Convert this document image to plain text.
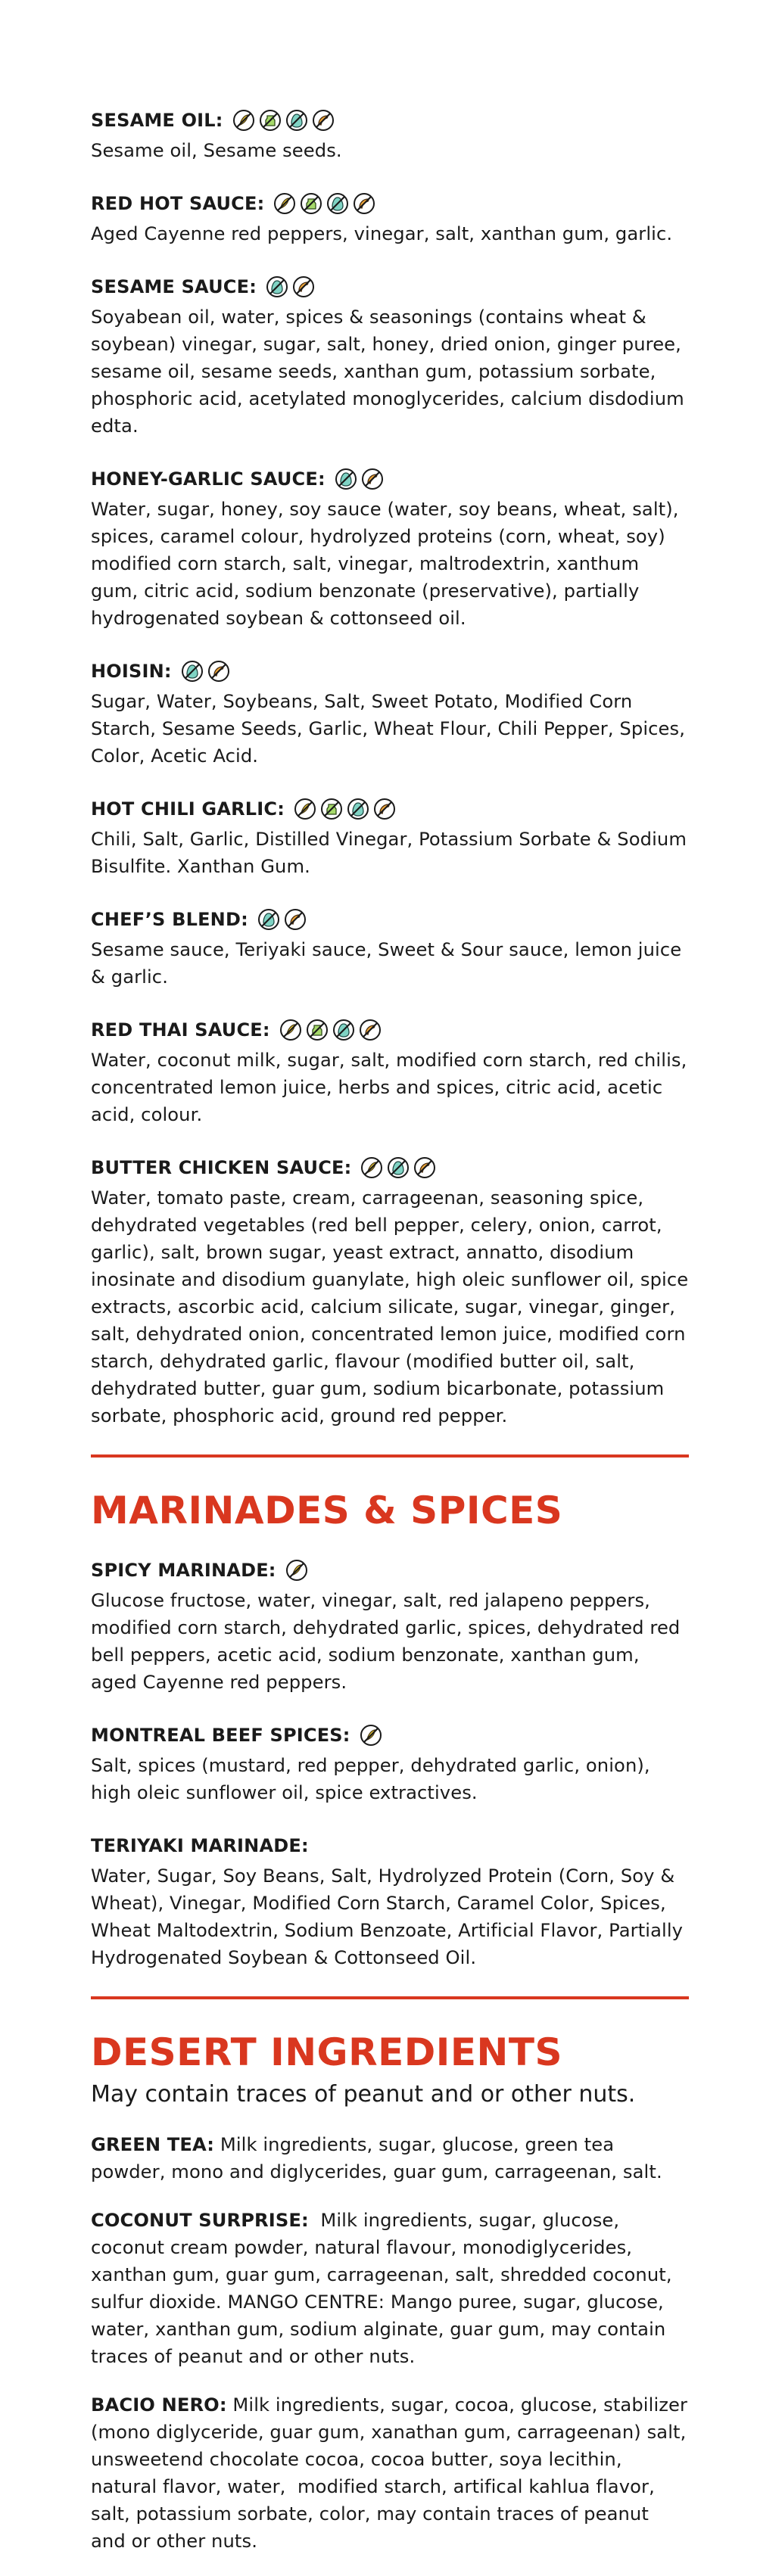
SESAME OIL:
Sesame oil, Sesame seeds.
RED HOT SAUCE:
Aged Cayenne red peppers, vinegar, salt, xanthan gum, garlic.
SESAME SAUCE:
Soyabean oil, water, spices & seasonings (contains wheat & soybean) vinegar, sugar, salt, honey, dried onion, ginger puree, sesame oil, sesame seeds, xanthan gum, potassium sorbate, phosphoric acid, acetylated monoglycerides, calcium disdodium edta.
HONEY-GARLIC SAUCE:
Water, sugar, honey, soy sauce (water, soy beans, wheat, salt), spices, caramel colour, hydrolyzed proteins (corn, wheat, soy) modified corn starch, salt, vinegar, maltrodextrin, xanthum gum, citric acid, sodium benzonate (preservative), partially hydrogenated soybean & cottonseed oil.
HOISIN:
Sugar, Water, Soybeans, Salt, Sweet Potato, Modified Corn Starch, Sesame Seeds, Garlic, Wheat Flour, Chili Pepper, Spices, Color, Acetic Acid.
HOT CHILI GARLIC:
Chili, Salt, Garlic, Distilled Vinegar, Potassium Sorbate & Sodium Bisulfite. Xanthan Gum.
CHEF’S BLEND:
Sesame sauce, Teriyaki sauce, Sweet & Sour sauce, lemon juice & garlic.
RED THAI SAUCE:
Water, coconut milk, sugar, salt, modified corn starch, red chilis, concentrated lemon juice, herbs and spices, citric acid, acetic acid, colour.
BUTTER CHICKEN SAUCE:
Water, tomato paste, cream, carrageenan, seasoning spice, dehydrated vegetables (red bell pepper, celery, onion, carrot, garlic), salt, brown sugar, yeast extract, annatto, disodium inosinate and disodium guanylate, high oleic sunflower oil, spice extracts, ascorbic acid, calcium silicate, sugar, vinegar, ginger, salt, dehydrated onion, concentrated lemon juice, modified corn starch, dehydrated garlic, flavour (modified butter oil, salt, dehydrated butter, guar gum, sodium bicarbonate, potassium sorbate, phosphoric acid, ground red pepper.
MARINADES & SPICES
SPICY MARINADE:
Glucose fructose, water, vinegar, salt, red jalapeno peppers, modified corn starch, dehydrated garlic, spices, dehydrated red bell peppers, acetic acid, sodium benzonate, xanthan gum, aged Cayenne red peppers.
MONTREAL BEEF SPICES:
Salt, spices (mustard, red pepper, dehydrated garlic, onion), high oleic sunflower oil, spice extractives.
TERIYAKI MARINADE:
Water, Sugar, Soy Beans, Salt, Hydrolyzed Protein (Corn, Soy & Wheat), Vinegar, Modified Corn Starch, Caramel Color, Spices, Wheat Maltodextrin, Sodium Benzoate, Artificial Flavor, Partially Hydrogenated Soybean & Cottonseed Oil.
DESERT INGREDIENTS
May contain traces of peanut and or other nuts.
GREEN TEA: Milk ingredients, sugar, glucose, green tea powder, mono and diglycerides, guar gum, carrageenan, salt.
COCONUT SURPRISE:  Milk ingredients, sugar, glucose, coconut cream powder, natural flavour, monodiglycerides, xanthan gum, guar gum, carrageenan, salt, shredded coconut, sulfur dioxide. MANGO CENTRE: Mango puree, sugar, glucose, water, xanthan gum, sodium alginate, guar gum, may contain traces of peanut and or other nuts.
BACIO NERO: Milk ingredients, sugar, cocoa, glucose, stabilizer (mono diglyceride, guar gum, xanathan gum, carrageenan) salt, unsweetend chocolate cocoa, cocoa butter, soya lecithin, natural flavor, water,  modified starch, artifical kahlua flavor, salt, potassium sorbate, color, may contain traces of peanut and or other nuts.
